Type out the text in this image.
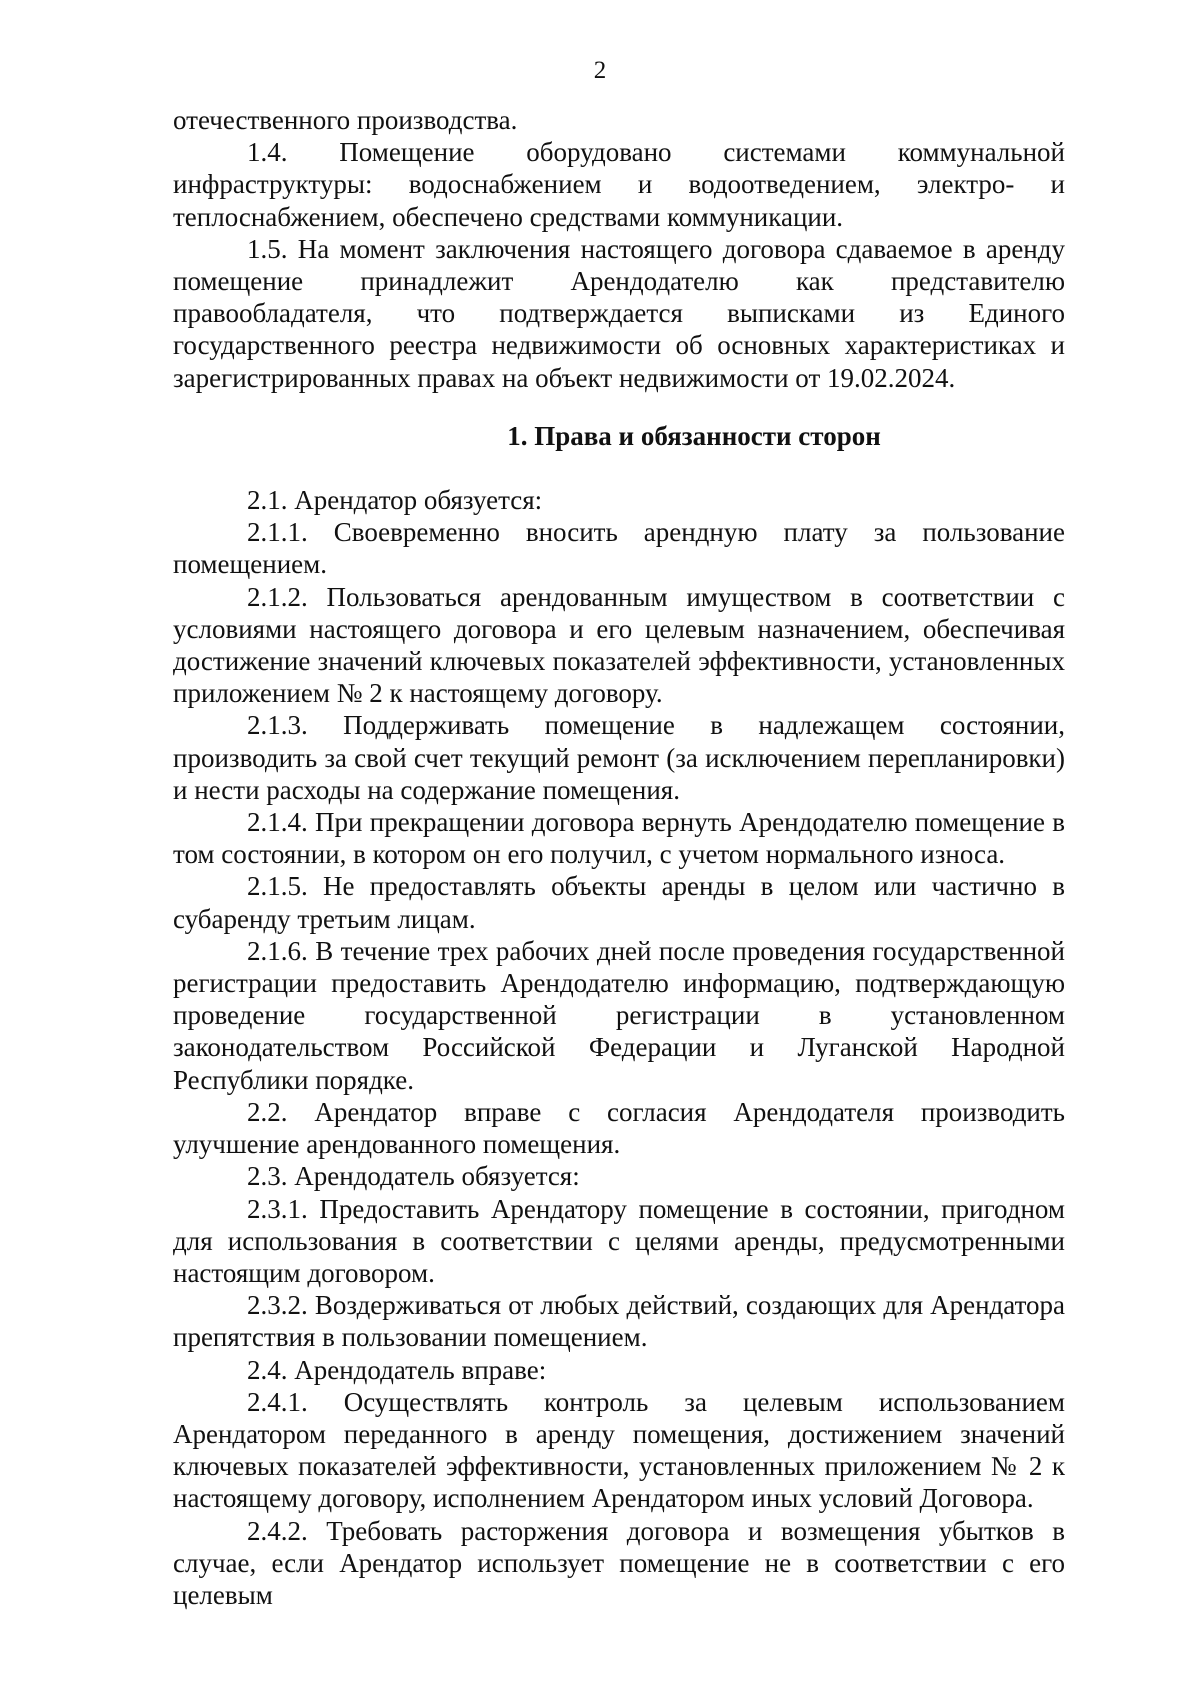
2

отечественного производства.

1.4. Помещение оборудовано системами коммунальной инфраструктуры: водоснабжением и водоотведением, электро- и теплоснабжением, обеспечено средствами коммуникации.

1.5. На момент заключения настоящего договора сдаваемое в аренду помещение принадлежит Арендодателю как представителю правообладателя, что подтверждается выписками из Единого государственного реестра недвижимости об основных характеристиках и зарегистрированных правах на объект недвижимости от 19.02.2024.

1. Права и обязанности сторон

2.1. Арендатор обязуется:

2.1.1. Своевременно вносить арендную плату за пользование помещением.

2.1.2. Пользоваться арендованным имуществом в соответствии с условиями настоящего договора и его целевым назначением, обеспечивая достижение значений ключевых показателей эффективности, установленных приложением № 2 к настоящему договору.

2.1.3. Поддерживать помещение в надлежащем состоянии, производить за свой счет текущий ремонт (за исключением перепланировки) и нести расходы на содержание помещения.

2.1.4. При прекращении договора вернуть Арендодателю помещение в том состоянии, в котором он его получил, с учетом нормального износа.

2.1.5. Не предоставлять объекты аренды в целом или частично в субаренду третьим лицам.

2.1.6. В течение трех рабочих дней после проведения государственной регистрации предоставить Арендодателю информацию, подтверждающую проведение государственной регистрации в установленном законодательством Российской Федерации и Луганской Народной Республики порядке.

2.2. Арендатор вправе с согласия Арендодателя производить улучшение арендованного помещения.

2.3. Арендодатель обязуется:

2.3.1. Предоставить Арендатору помещение в состоянии, пригодном для использования в соответствии с целями аренды, предусмотренными настоящим договором.

2.3.2. Воздерживаться от любых действий, создающих для Арендатора препятствия в пользовании помещением.

2.4. Арендодатель вправе:

2.4.1. Осуществлять контроль за целевым использованием Арендатором переданного в аренду помещения, достижением значений ключевых показателей эффективности, установленных приложением № 2 к настоящему договору, исполнением Арендатором иных условий Договора.

2.4.2. Требовать расторжения договора и возмещения убытков в случае, если Арендатор использует помещение не в соответствии с его целевым
